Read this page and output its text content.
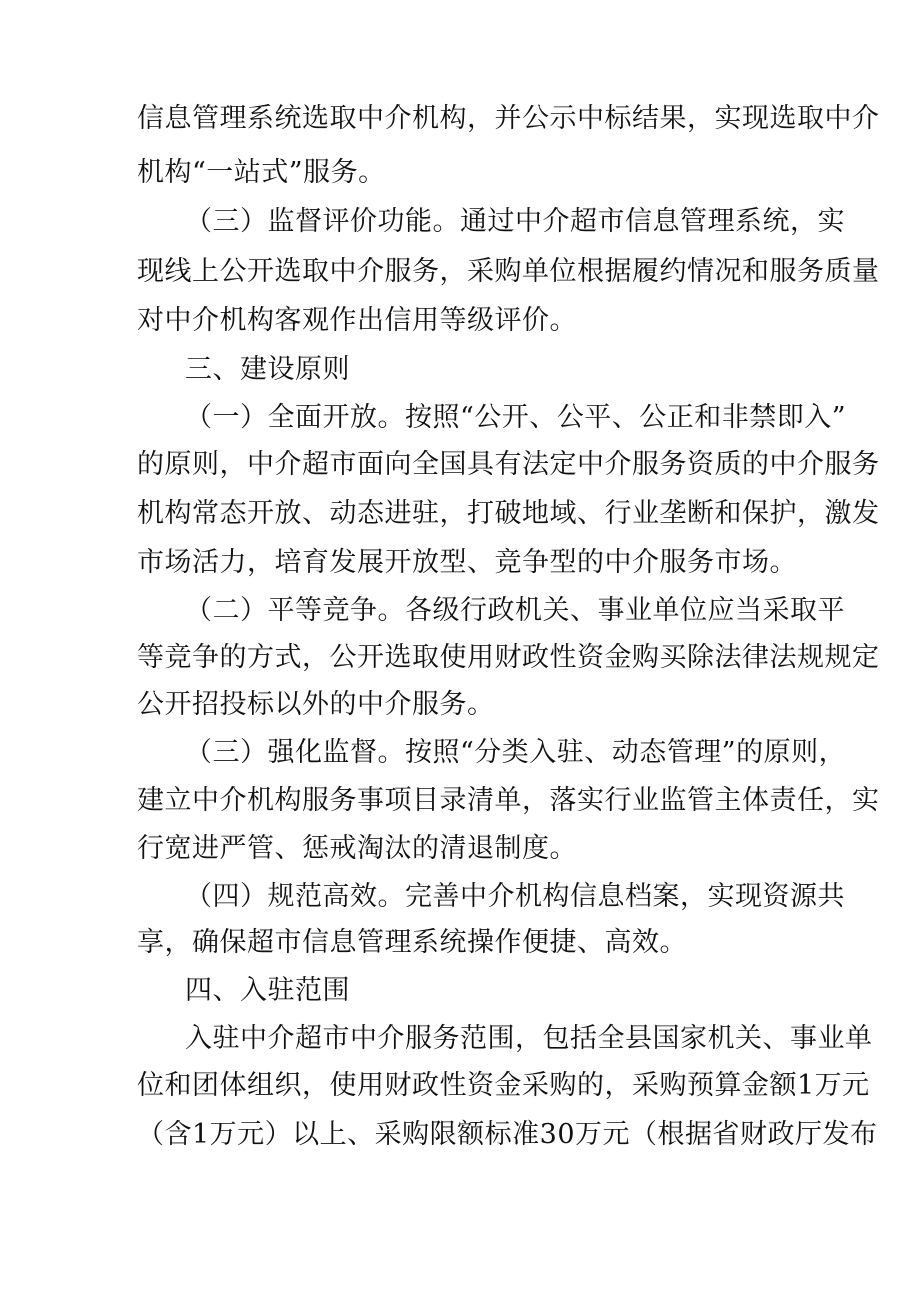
信息管理系统选取中介机构，并公示中标结果，实现选取中介
机构“一站式”服务。
（三）监督评价功能。通过中介超市信息管理系统，实
现线上公开选取中介服务，采购单位根据履约情况和服务质量
对中介机构客观作出信用等级评价。
三、建设原则
（一）全面开放。按照“公开、公平、公正和非禁即入”
的原则，中介超市面向全国具有法定中介服务资质的中介服务
机构常态开放、动态进驻，打破地域、行业垄断和保护，激发
市场活力，培育发展开放型、竞争型的中介服务市场。
（二）平等竞争。各级行政机关、事业单位应当采取平
等竞争的方式，公开选取使用财政性资金购买除法律法规规定
公开招投标以外的中介服务。
（三）强化监督。按照“分类入驻、动态管理”的原则，
建立中介机构服务事项目录清单，落实行业监管主体责任，实
行宽进严管、惩戒淘汰的清退制度。
（四）规范高效。完善中介机构信息档案，实现资源共
享，确保超市信息管理系统操作便捷、高效。
四、入驻范围
入驻中介超市中介服务范围，包括全县国家机关、事业单
位和团体组织，使用财政性资金采购的，采购预算金额1万元
（含1万元）以上、采购限额标准30万元（根据省财政厅发布
